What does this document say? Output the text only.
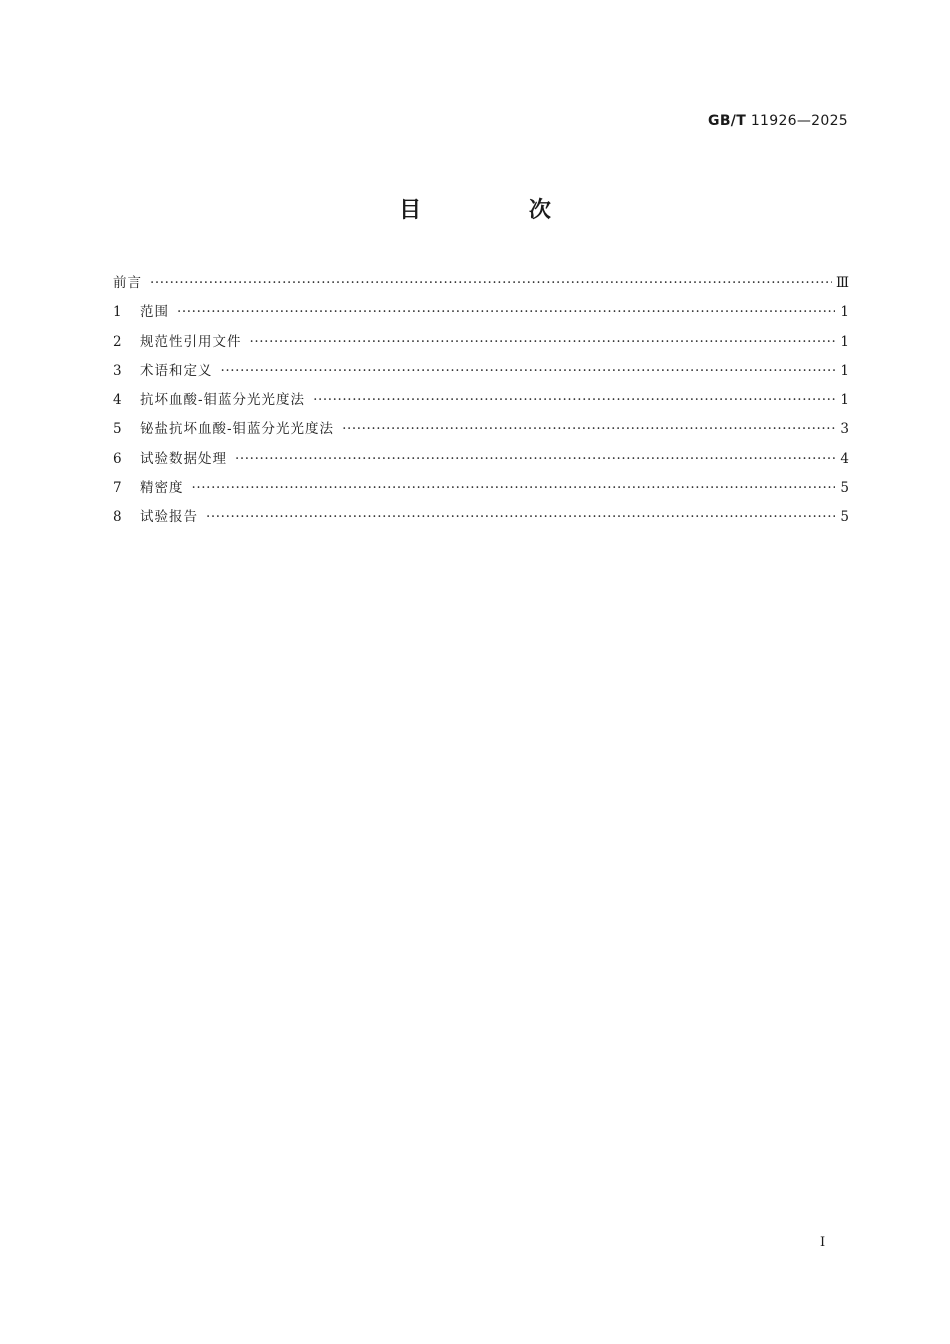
GB/T 11926—2025
目 次
前言 ·····	Ⅲ
1	范围 ·····	1
2	规范性引用文件 ·····	1
3	术语和定义 ·····	1
4	抗坏血酸-钼蓝分光光度法 ·····	1
5	铋盐抗坏血酸-钼蓝分光光度法 ·····	3
6	试验数据处理 ·····	4
7	精密度 ·····	5
8	试验报告 ·····	5
I
